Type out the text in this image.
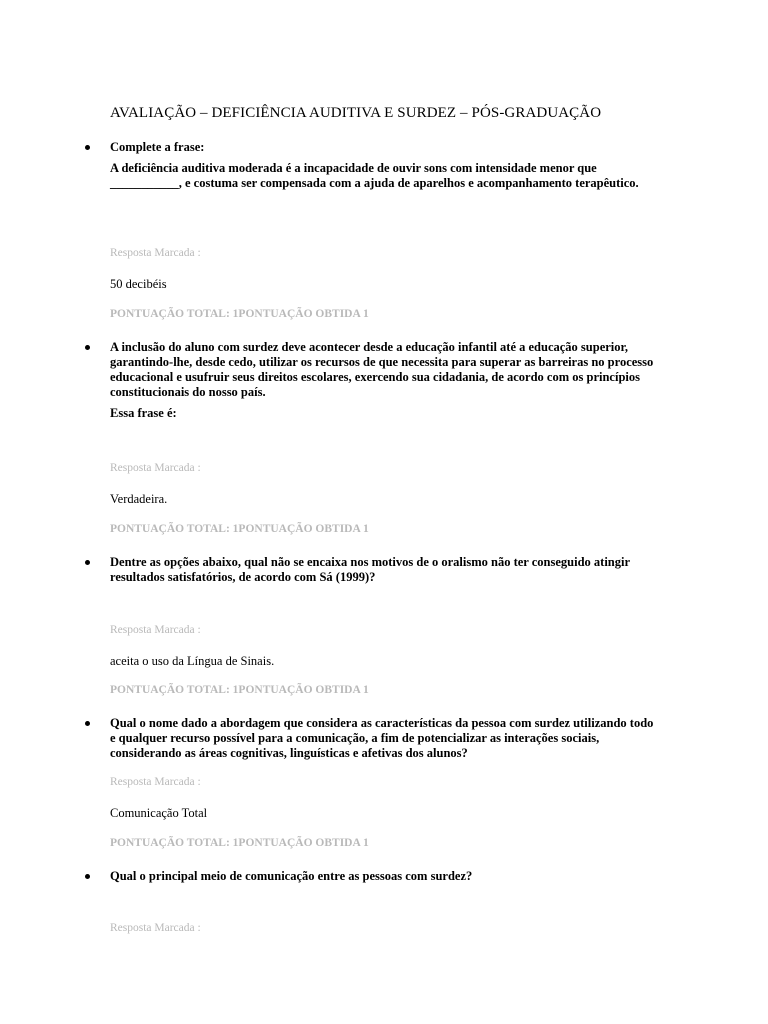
AVALIAÇÃO – DEFICIÊNCIA AUDITIVA E SURDEZ – PÓS-GRADUAÇÃO

Complete a frase:

A deficiência auditiva moderada é a incapacidade de ouvir sons com intensidade menor que ___________, e costuma ser compensada com a ajuda de aparelhos e acompanhamento terapêutico.

Resposta Marcada :
50 decibéis
PONTUAÇÃO TOTAL: 1PONTUAÇÃO OBTIDA 1

A inclusão do aluno com surdez deve acontecer desde a educação infantil até a educação superior, garantindo-lhe, desde cedo, utilizar os recursos de que necessita para superar as barreiras no processo educacional e usufruir seus direitos escolares, exercendo sua cidadania, de acordo com os princípios constitucionais do nosso país.

Essa frase é:

Resposta Marcada :
Verdadeira.
PONTUAÇÃO TOTAL: 1PONTUAÇÃO OBTIDA 1

Dentre as opções abaixo, qual não se encaixa nos motivos de o oralismo não ter conseguido atingir resultados satisfatórios, de acordo com Sá (1999)?

Resposta Marcada :
aceita o uso da Língua de Sinais.
PONTUAÇÃO TOTAL: 1PONTUAÇÃO OBTIDA 1

Qual o nome dado a abordagem que considera as características da pessoa com surdez utilizando todo e qualquer recurso possível para a comunicação, a fim de potencializar as interações sociais, considerando as áreas cognitivas, linguísticas e afetivas dos alunos?

Resposta Marcada :
Comunicação Total
PONTUAÇÃO TOTAL: 1PONTUAÇÃO OBTIDA 1

Qual o principal meio de comunicação entre as pessoas com surdez?

Resposta Marcada :
